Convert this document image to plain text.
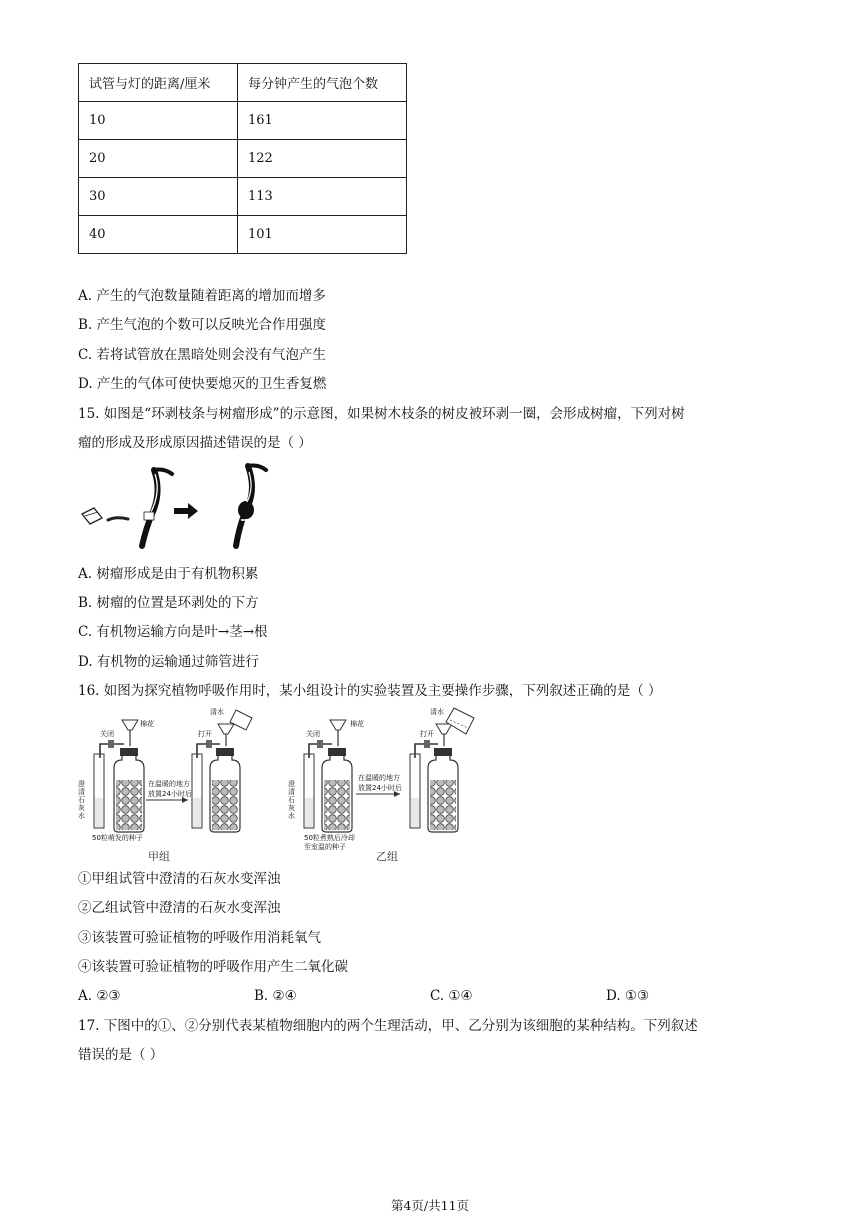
试管与灯的距离/厘米	每分钟产生的气泡个数
10	161
20	122
30	113
40	101
A. 产生的气泡数量随着距离的增加而增多
B. 产生气泡的个数可以反映光合作用强度
C. 若将试管放在黑暗处则会没有气泡产生
D. 产生的气体可使快要熄灭的卫生香复燃
15. 如图是“环剥枝条与树瘤形成”的示意图，如果树木枝条的树皮被环剥一圈，会形成树瘤，下列对树
瘤的形成及形成原因描述错误的是（ ）
A. 树瘤形成是由于有机物积累
B. 树瘤的位置是环剥处的下方
C. 有机物运输方向是叶→茎→根
D. 有机物的运输通过筛管进行
16. 如图为探究植物呼吸作用时，某小组设计的实验装置及主要操作步骤，下列叙述正确的是（ ）
关闭
棉花
澄清石灰水
50粒萌发的种子
在温暖的地方
放置24小时后
清水
打开	关闭
棉花
澄清石灰水
50粒煮熟后冷却
至室温的种子
在温暖的地方
放置24小时后
清水
打开
甲组	乙组
①甲组试管中澄清的石灰水变浑浊
②乙组试管中澄清的石灰水变浑浊
③该装置可验证植物的呼吸作用消耗氧气
④该装置可验证植物的呼吸作用产生二氧化碳
A. ②③	B. ②④	C. ①④	D. ①③
17. 下图中的①、②分别代表某植物细胞内的两个生理活动，甲、乙分别为该细胞的某种结构。下列叙述
错误的是（ ）
第4页/共11页
